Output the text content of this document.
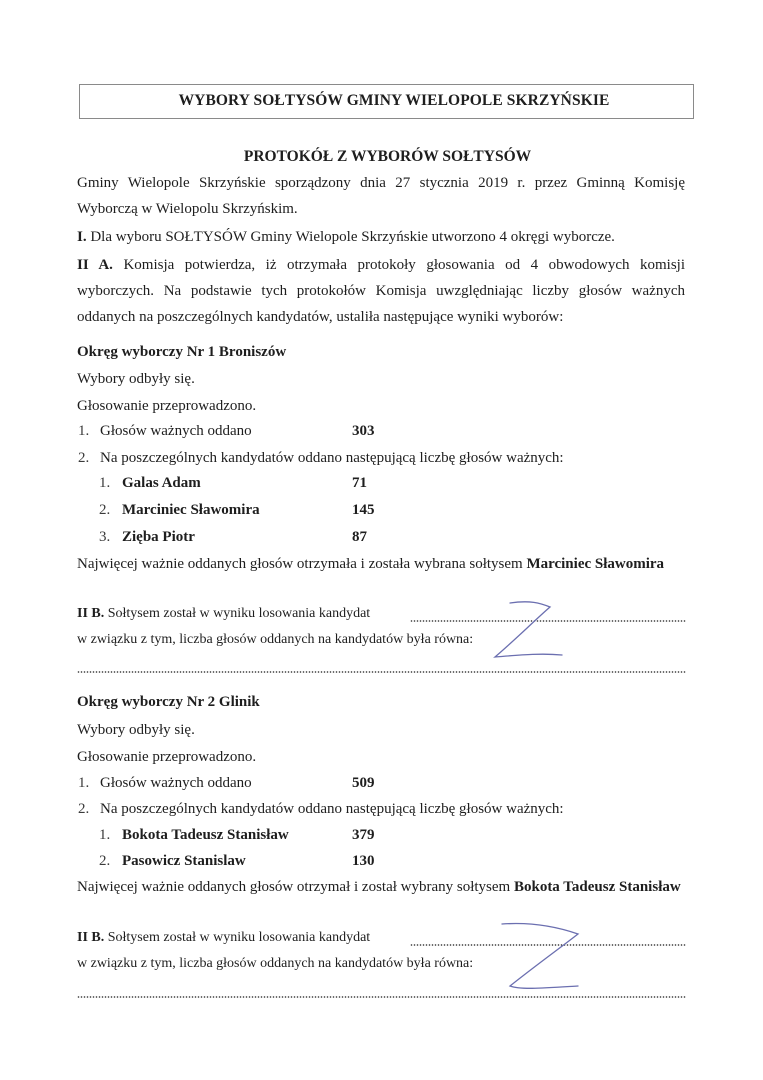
WYBORY SOŁTYSÓW GMINY WIELOPOLE SKRZYŃSKIE
PROTOKÓŁ Z WYBORÓW SOŁTYSÓW
Gminy Wielopole Skrzyńskie sporządzony dnia 27 stycznia 2019 r. przez Gminną Komisję
Wyborczą w Wielopolu Skrzyńskim.
I. Dla wyboru SOŁTYSÓW Gminy Wielopole Skrzyńskie utworzono 4 okręgi wyborcze.
II A. Komisja potwierdza, iż otrzymała protokoły głosowania od 4 obwodowych komisji
wyborczych. Na podstawie tych protokołów Komisja uwzględniając liczby głosów ważnych
oddanych na poszczególnych kandydatów, ustaliła następujące wyniki wyborów:
Okręg wyborczy Nr 1 Broniszów
Wybory odbyły się.
Głosowanie przeprowadzono.
1. Głosów ważnych oddano	303
2. Na poszczególnych kandydatów oddano następującą liczbę głosów ważnych:
1. Galas Adam	71
2. Marciniec Sławomira	145
3. Zięba Piotr	87
Najwięcej ważnie oddanych głosów otrzymała i została wybrana sołtysem Marciniec Sławomira
II B. Sołtysem został w wyniku losowania kandydat
w związku z tym, liczba głosów oddanych na kandydatów była równa:
Okręg wyborczy Nr 2 Glinik
Wybory odbyły się.
Głosowanie przeprowadzono.
1. Głosów ważnych oddano	509
2. Na poszczególnych kandydatów oddano następującą liczbę głosów ważnych:
1. Bokota Tadeusz Stanisław	379
2. Pasowicz Stanislaw	130
Najwięcej ważnie oddanych głosów otrzymał i został wybrany sołtysem Bokota Tadeusz Stanisław
II B. Sołtysem został w wyniku losowania kandydat
w związku z tym, liczba głosów oddanych na kandydatów była równa:
